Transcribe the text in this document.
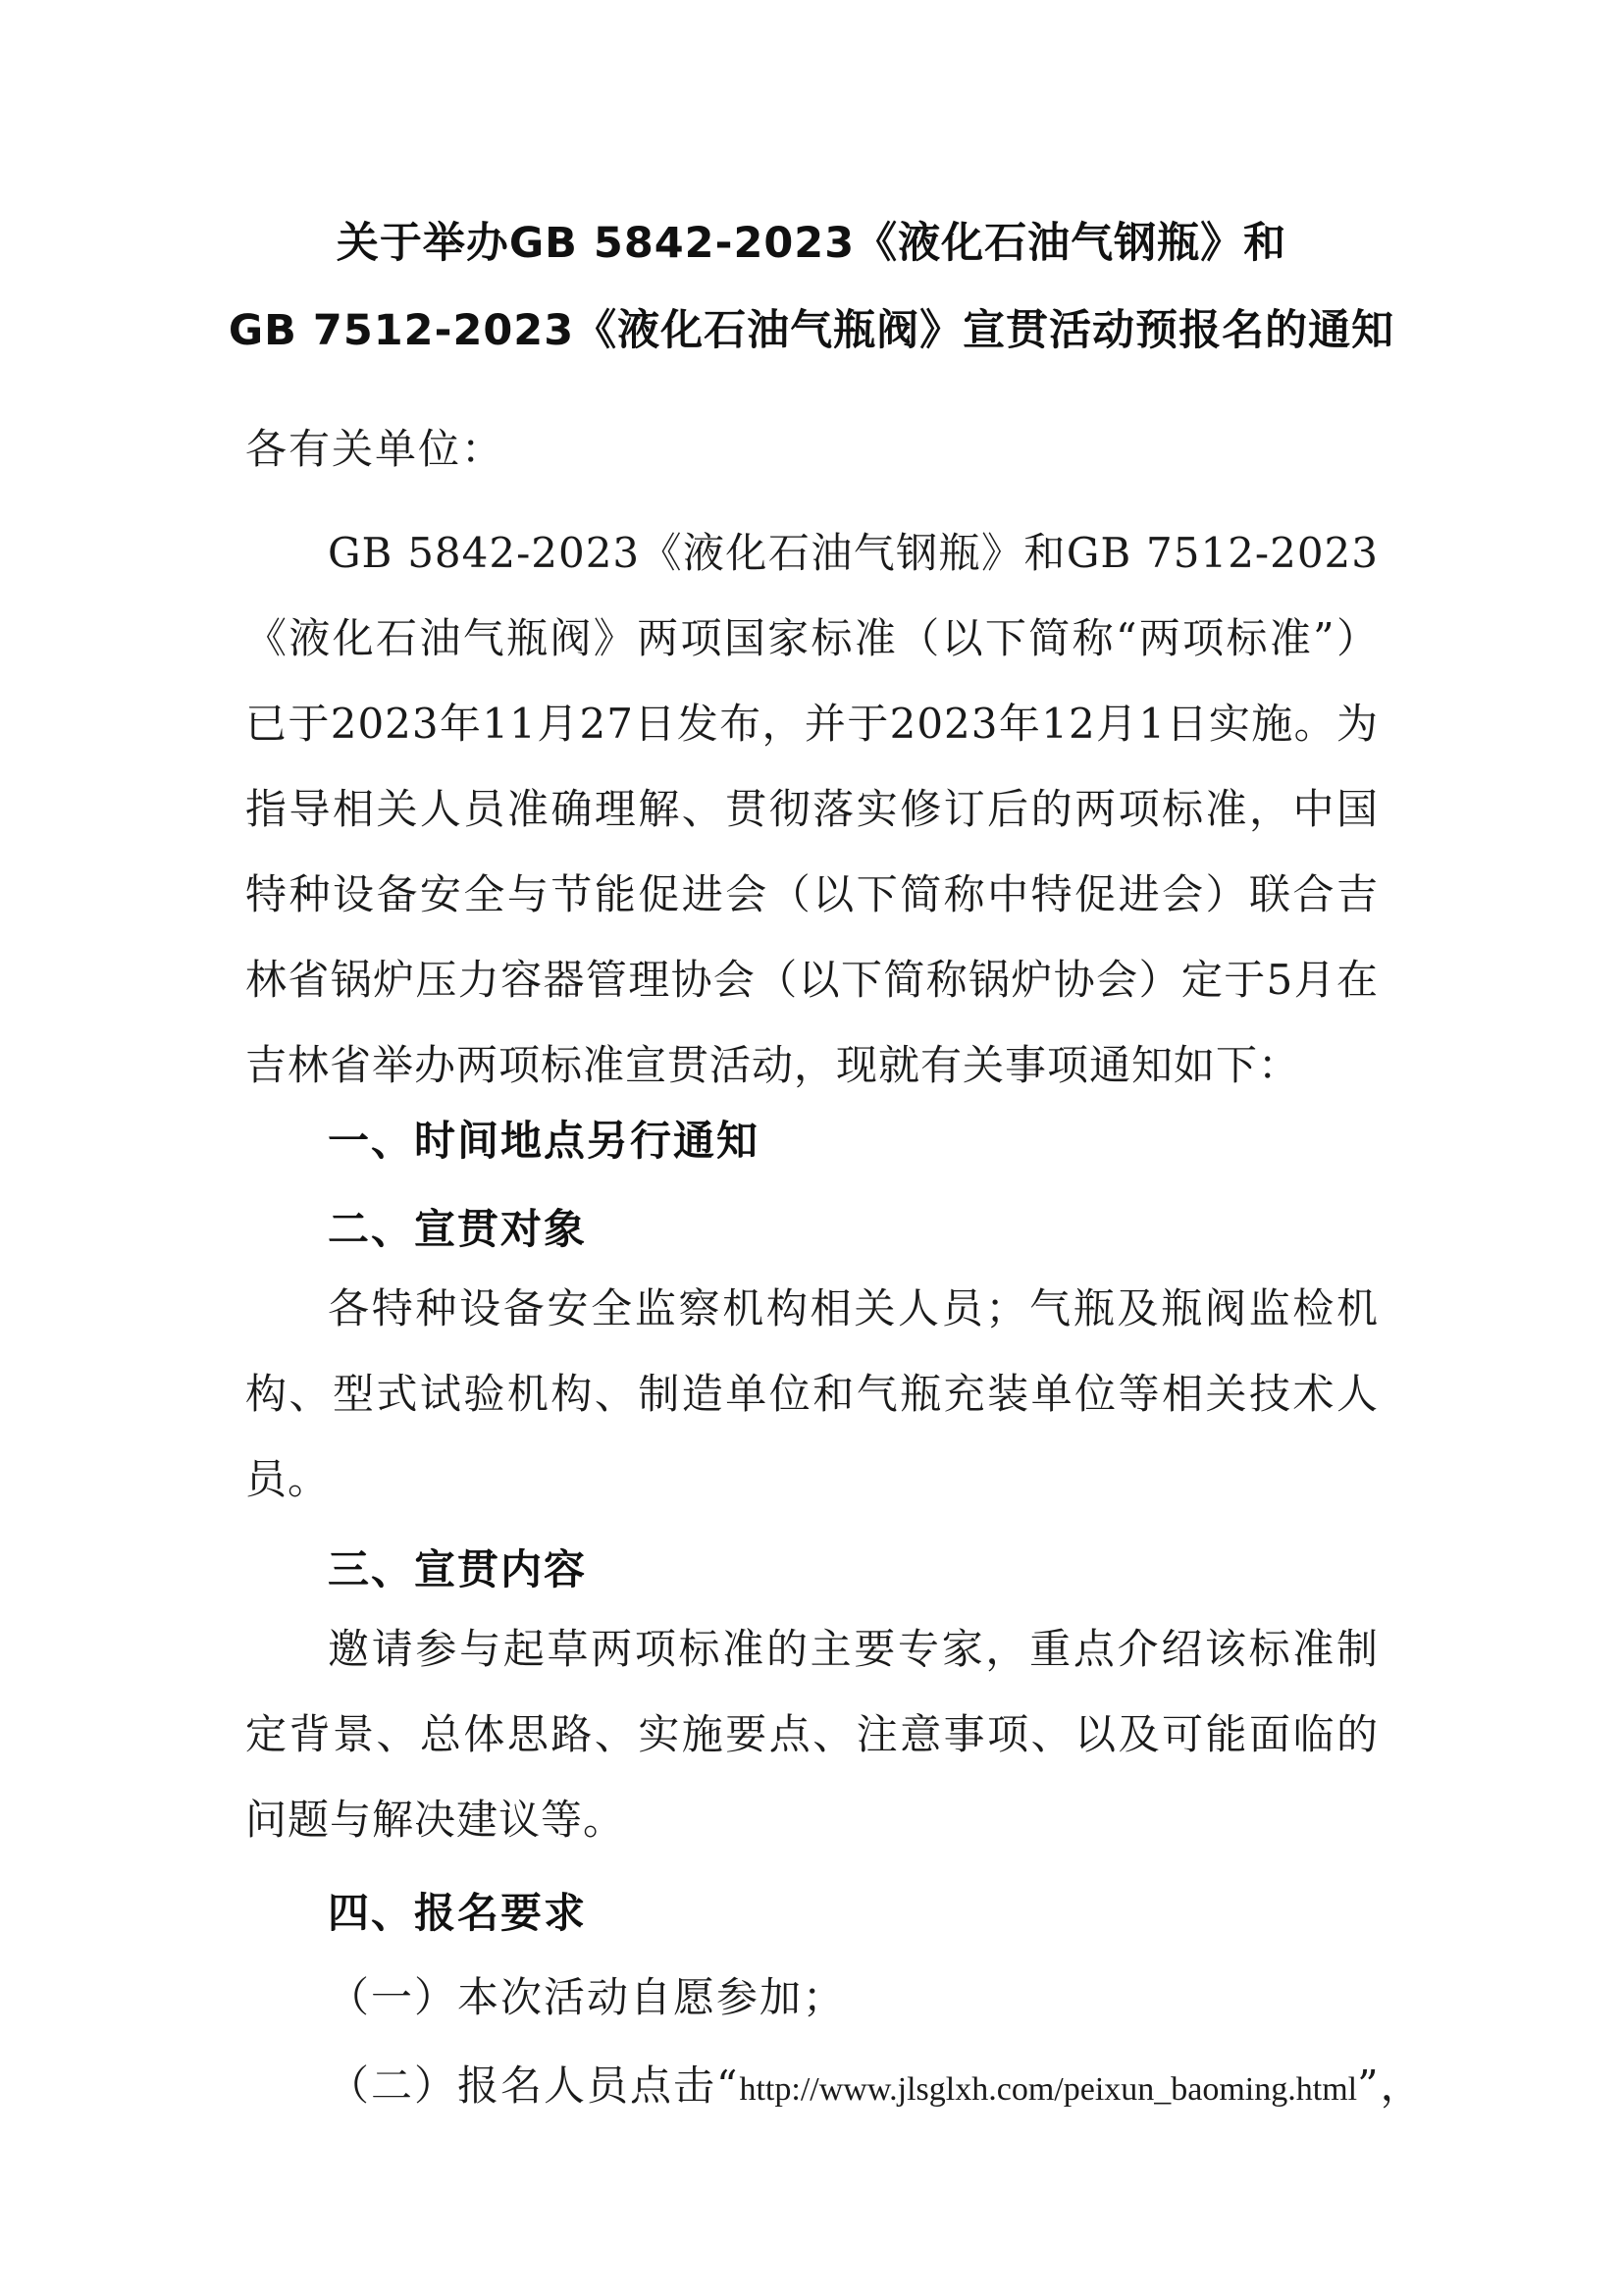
关于举办GB 5842-2023《液化石油气钢瓶》和
GB 7512-2023《液化石油气瓶阀》宣贯活动预报名的通知
各有关单位：

GB 5842-2023《液化石油气钢瓶》和GB 7512-2023《液化石油气瓶阀》两项国家标准（以下简称“两项标准”）已于2023年11月27日发布，并于2023年12月1日实施。为指导相关人员准确理解、贯彻落实修订后的两项标准，中国特种设备安全与节能促进会（以下简称中特促进会）联合吉林省锅炉压力容器管理协会（以下简称锅炉协会）定于5月在吉林省举办两项标准宣贯活动，现就有关事项通知如下：

一、时间地点另行通知
二、宣贯对象

各特种设备安全监察机构相关人员；气瓶及瓶阀监检机构、型式试验机构、制造单位和气瓶充装单位等相关技术人员。

三、宣贯内容

邀请参与起草两项标准的主要专家，重点介绍该标准制定背景、总体思路、实施要点、注意事项、以及可能面临的问题与解决建议等。

四、报名要求
（一）本次活动自愿参加；
（二）报名人员点击“http://www.jlsglxh.com/peixun_baoming.html”，
